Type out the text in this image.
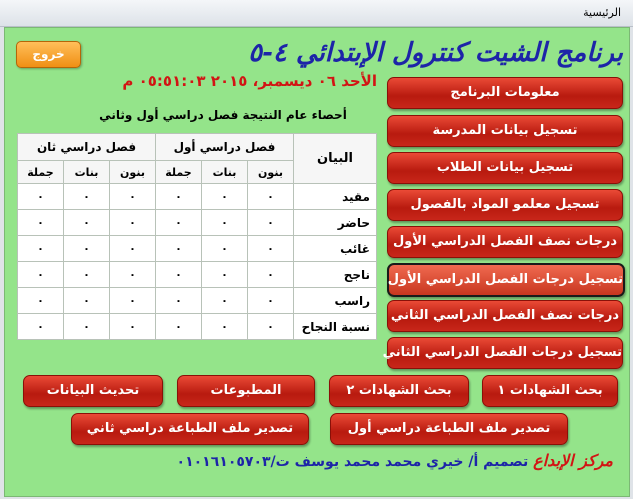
الرئيسية
برنامج الشيت كنترول الإبتدائي ٤-٥
خروج
الأحد ٠٦ ديسمبر، ٢٠١٥ ٠٥:٥١:٠٣ م
أحصاء عام النتيجة فصل دراسي أول وثاني
معلومات البرنامج
تسجيل بيانات المدرسة
تسجيل بيانات الطلاب
تسجيل معلمو المواد بالفصول
درجات نصف الفصل الدراسي الأول
تسجيل درجات الفصل الدراسي الأول
درجات نصف الفصل الدراسي الثاني
تسجيل درجات الفصل الدراسي الثاني
البيان	فصل دراسي أول			فصل دراسي ثان		
	بنون	بنات	جملة	بنون	بنات	جملة
مقيد	٠	٠	٠	٠	٠	٠
حاضر	٠	٠	٠	٠	٠	٠
غائب	٠	٠	٠	٠	٠	٠
ناجح	٠	٠	٠	٠	٠	٠
راسب	٠	٠	٠	٠	٠	٠
نسبة النجاح	٠	٠	٠	٠	٠	٠
بحث الشهادات ١
بحث الشهادات ٢
المطبوعات
تحديث البيانات
تصدير ملف الطباعة دراسي أول
تصدير ملف الطباعة دراسي ثاني
مركز الإبداع تصميم أ/ خيري محمد محمد يوسف ت/٠١٠١٦١٠٥٧٠٣
